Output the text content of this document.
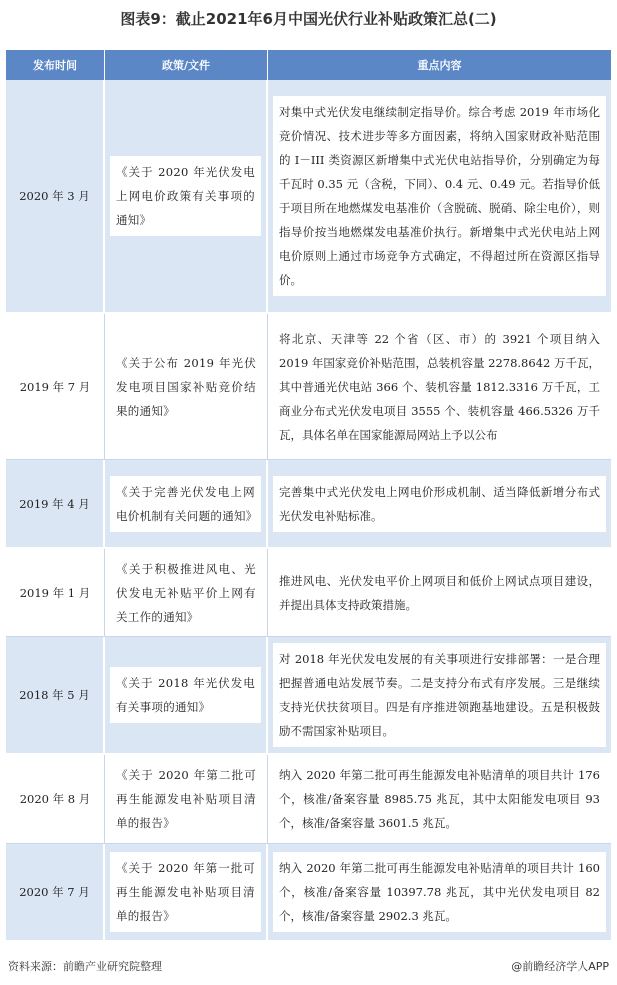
图表9：截止2021年6月中国光伏行业补贴政策汇总(二)
发布时间	政策/文件	重点内容
2020 年 3 月	《关于 2020 年光伏发电上网电价政策有关事项的通知》	对集中式光伏发电继续制定指导价。综合考虑 2019 年市场化竞价情况、技术进步等多方面因素，将纳入国家财政补贴范围的 I－III 类资源区新增集中式光伏电站指导价，分别确定为每千瓦时 0.35 元（含税，下同）、0.4 元、0.49 元。若指导价低于项目所在地燃煤发电基准价（含脱硫、脱硝、除尘电价），则指导价按当地燃煤发电基准价执行。新增集中式光伏电站上网电价原则上通过市场竞争方式确定，不得超过所在资源区指导价。

2019 年 7 月	《关于公布 2019 年光伏发电项目国家补贴竞价结果的通知》	将北京、天津等 22 个省（区、市）的 3921 个项目纳入 2019 年国家竞价补贴范围，总装机容量 2278.8642 万千瓦，其中普通光伏电站 366 个、装机容量 1812.3316 万千瓦，工商业分布式光伏发电项目 3555 个、装机容量 466.5326 万千瓦，具体名单在国家能源局网站上予以公布

2019 年 4 月	《关于完善光伏发电上网电价机制有关问题的通知》	完善集中式光伏发电上网电价形成机制、适当降低新增分布式光伏发电补贴标准。

2019 年 1 月	《关于积极推进风电、光伏发电无补贴平价上网有关工作的通知》	推进风电、光伏发电平价上网项目和低价上网试点项目建设，并提出具体支持政策措施。

2018 年 5 月	《关于 2018 年光伏发电有关事项的通知》	对 2018 年光伏发电发展的有关事项进行安排部署：一是合理把握普通电站发展节奏。二是支持分布式有序发展。三是继续支持光伏扶贫项目。四是有序推进领跑基地建设。五是积极鼓励不需国家补贴项目。

2020 年 8 月	《关于 2020 年第二批可再生能源发电补贴项目清单的报告》	纳入 2020 年第二批可再生能源发电补贴清单的项目共计 176 个，核准/备案容量 8985.75 兆瓦，其中太阳能发电项目 93 个，核准/备案容量 3601.5 兆瓦。

2020 年 7 月	《关于 2020 年第一批可再生能源发电补贴项目清单的报告》	纳入 2020 年第二批可再生能源发电补贴清单的项目共计 160 个，核准/备案容量 10397.78 兆瓦，其中光伏发电项目 82 个，核准/备案容量 2902.3 兆瓦。
资料来源：前瞻产业研究院整理	@前瞻经济学人APP
